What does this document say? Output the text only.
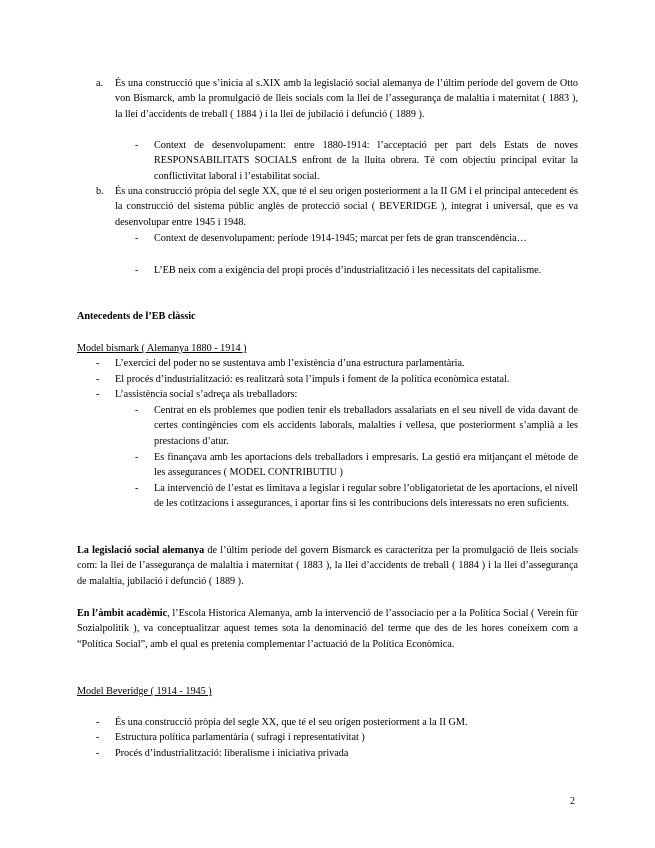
a. És una construcció que s’inicia al s.XIX amb la legislació social alemanya de l’últim període del govern de Otto von Bismarck, amb la promulgació de lleis socials com la llei de l’assegurança de malaltia i maternitat ( 1883 ), la llei d’accidents de treball ( 1884 ) i la llei de jubilació i defunció ( 1889 ).
- Context de desenvolupament: entre 1880-1914: l’acceptació per part dels Estats de noves RESPONSABILITATS SOCIALS enfront de la lluita obrera. Té com objectiu principal evitar la conflictivitat laboral i l’estabilitat social.
b. És una construcció pròpia del segle XX, que té el seu origen posteriorment a la II GM i el principal antecedent és la construcció del sistema públic anglès de protecció social ( BEVERIDGE ), integrat i universal, que es va desenvolupar entre 1945 i 1948.
- Context de desenvolupament: període 1914-1945; marcat per fets de gran transcendència…
- L’EB neix com a exigència del propi procés d’industrialització i les necessitats del capitalisme.
Antecedents de l’EB clàssic
Model bismark ( Alemanya 1880 - 1914 )
- L’exercici del poder no se sustentava amb l’existència d’una estructura parlamentària.
- El procés d’industrialització: es realitzarà sota l’impuls i foment de la política econòmica estatal.
- L’assistència social s’adreça als treballadors:
- Centrat en els problemes que podien tenir els treballadors assalariats en el seu nivell de vida davant de certes contingències com els accidents laborals, malalties i vellesa, que posteriorment s’amplià a les prestacions d’atur.
- Es finançava amb les aportacions dels treballadors i empresaris. La gestió era mitjançant el mètode de les assegurances ( MODEL CONTRIBUTIU )
- La intervenció de l’estat es limitava a legislar i regular sobre l’obligatorietat de les aportacions, el nivell de les cotitzacions i assegurances, i aportar fins si les contribucions dels interessats no eren suficients.
La legislació social alemanya de l’últim període del govern Bismarck es caracteritza per la promulgació de lleis socials com: la llei de l’assegurança de malaltia i maternitat ( 1883 ), la llei d’accidents de treball ( 1884 ) i la llei d’assegurança de malaltia, jubilació i defunció ( 1889 ).
En l’àmbit acadèmic, l’Escola Historica Alemanya, amb la intervenció de l’associacio per a la Política Social ( Verein für Sozialpolitik ), va conceptualitzar aquest temes sota la denominació del terme que des de les hores coneixem com a “Política Social”, amb el qual es pretenia complementar l’actuació de la Política Econòmica.
Model Beveridge ( 1914 - 1945 )
- És una construcció pròpia del segle XX, que té el seu origen posteriorment a la II GM.
- Estructura política parlamentària ( sufragi i representativitat )
- Procés d’industrialització: liberalisme i iniciativa privada
2
